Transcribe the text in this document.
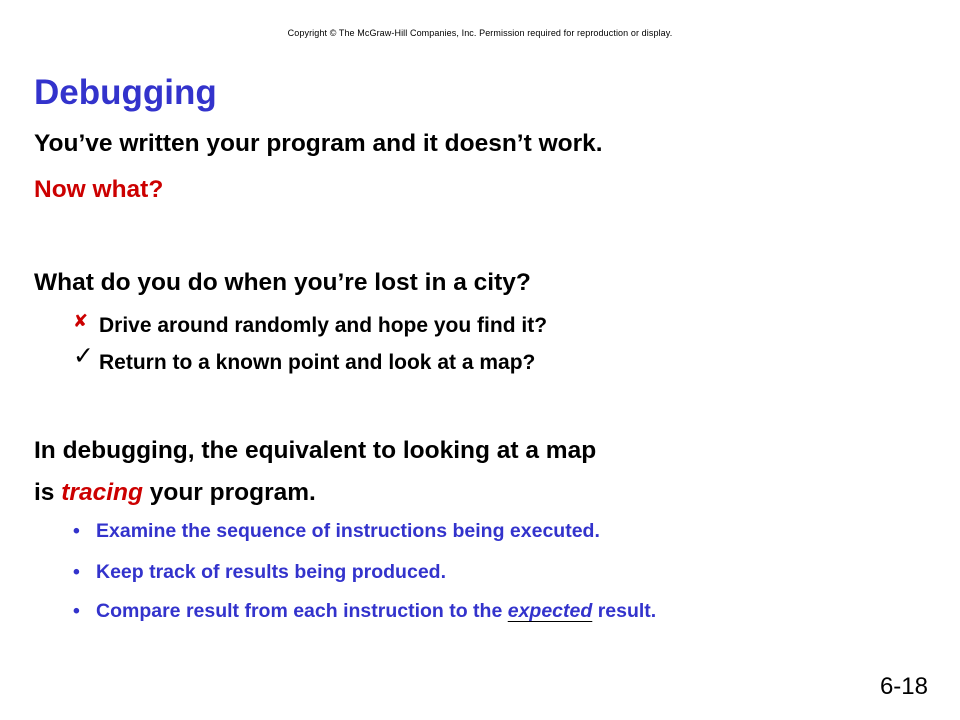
Copyright © The McGraw-Hill Companies, Inc. Permission required for reproduction or display.
Debugging

You’ve written your program and it doesn’t work.

Now what?

What do you do when you’re lost in a city?

✘ Drive around randomly and hope you find it?
✓ Return to a known point and look at a map?

In debugging, the equivalent to looking at a map

is tracing your program.

• Examine the sequence of instructions being executed.

• Keep track of results being produced.

• Compare result from each instruction to the expected result.

6-18
